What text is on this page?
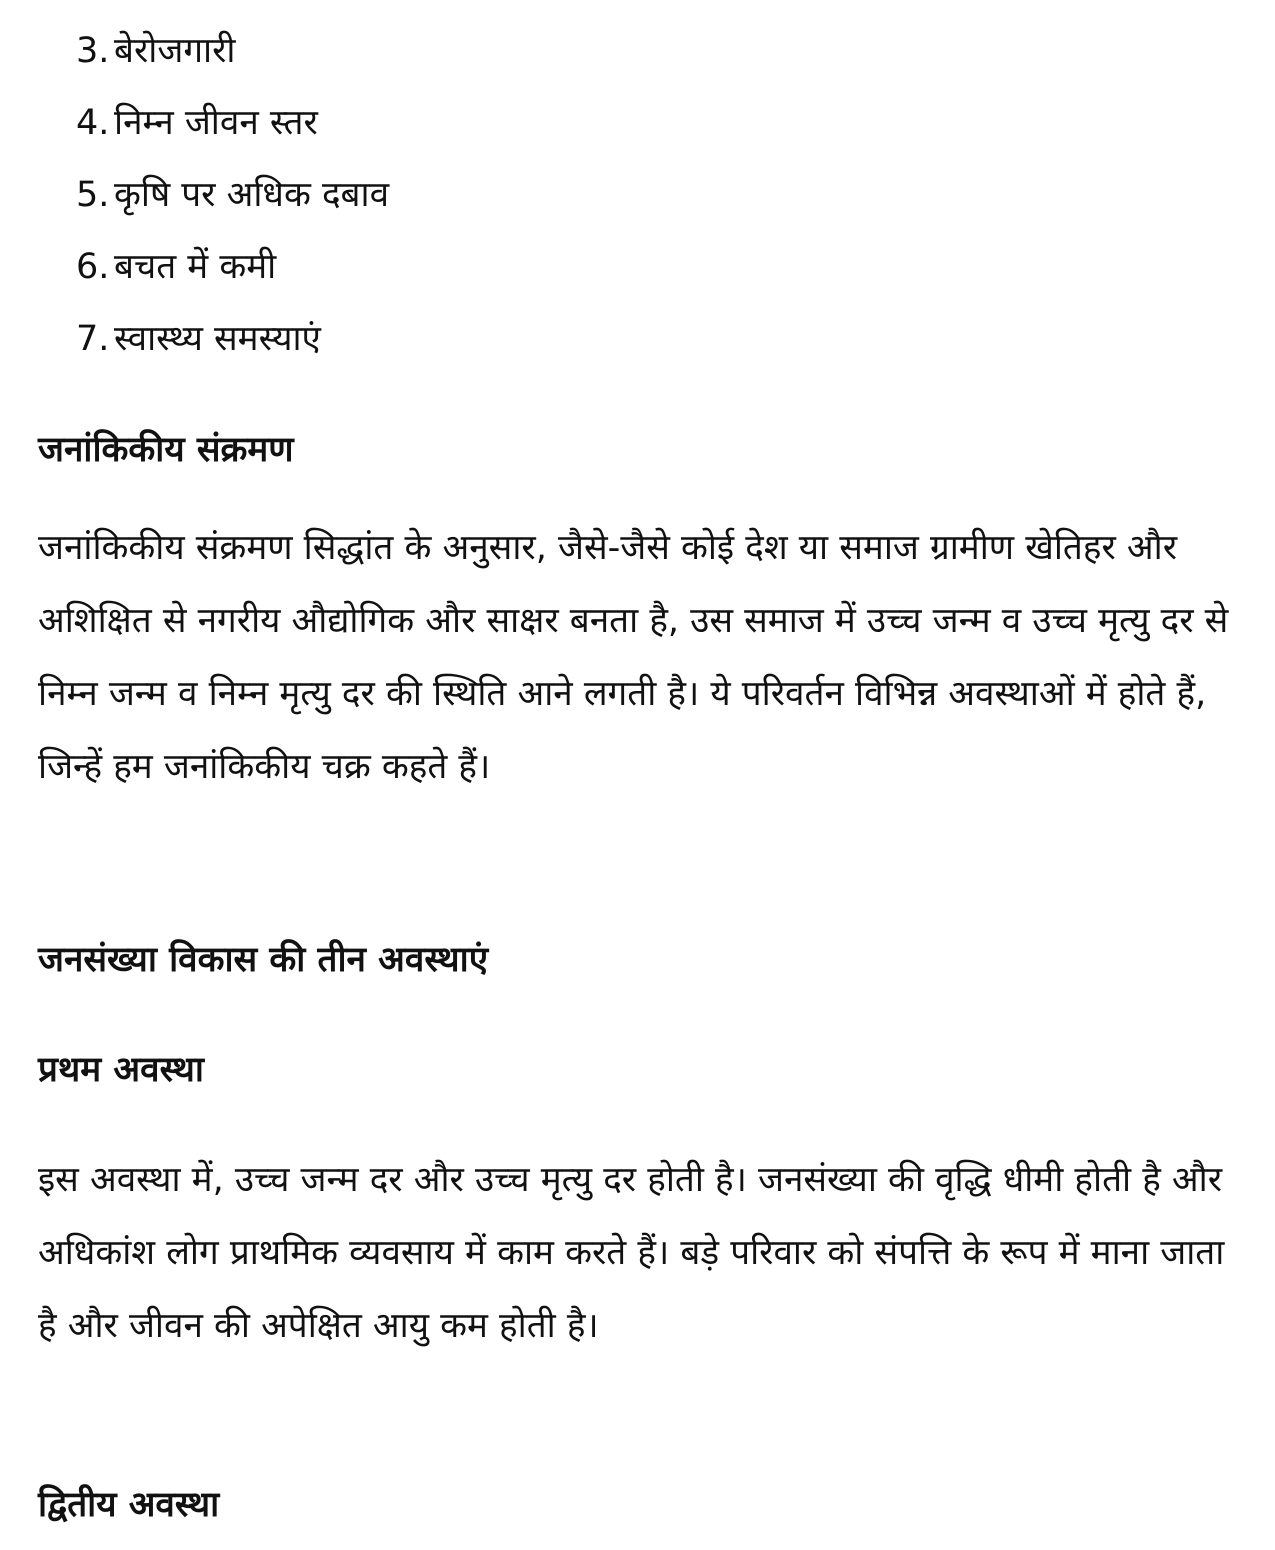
3. बेरोजगारी
4. निम्न जीवन स्तर
5. कृषि पर अधिक दबाव
6. बचत में कमी
7. स्वास्थ्य समस्याएं
जनांकिकीय संक्रमण

जनांकिकीय संक्रमण सिद्धांत के अनुसार, जैसे-जैसे कोई देश या समाज ग्रामीण खेतिहर और अशिक्षित से नगरीय औद्योगिक और साक्षर बनता है, उस समाज में उच्च जन्म व उच्च मृत्यु दर से निम्न जन्म व निम्न मृत्यु दर की स्थिति आने लगती है। ये परिवर्तन विभिन्न अवस्थाओं में होते हैं, जिन्हें हम जनांकिकीय चक्र कहते हैं।

जनसंख्या विकास की तीन अवस्थाएं
प्रथम अवस्था

इस अवस्था में, उच्च जन्म दर और उच्च मृत्यु दर होती है। जनसंख्या की वृद्धि धीमी होती है और अधिकांश लोग प्राथमिक व्यवसाय में काम करते हैं। बड़े परिवार को संपत्ति के रूप में माना जाता है और जीवन की अपेक्षित आयु कम होती है।

द्वितीय अवस्था
